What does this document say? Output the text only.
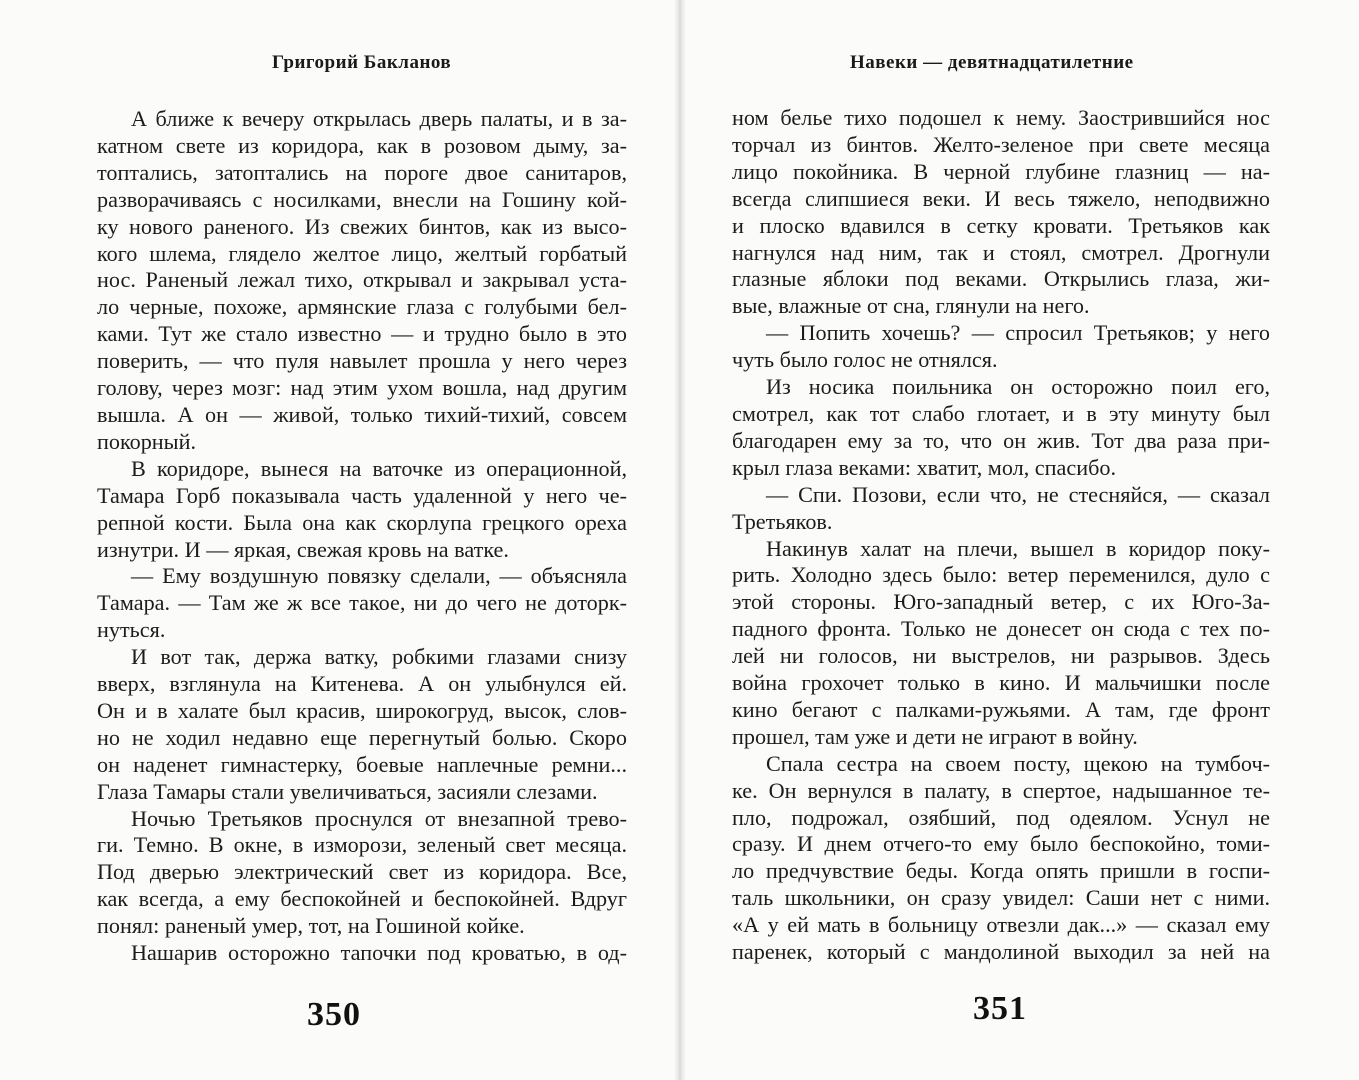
Григорий Бакланов
А ближе к вечеру открылась дверь палаты, и в за-
катном свете из коридора, как в розовом дыму, за-
топтались, затоптались на пороге двое санитаров,
разворачиваясь с носилками, внесли на Гошину кой-
ку нового раненого. Из свежих бинтов, как из высо-
кого шлема, глядело желтое лицо, желтый горбатый
нос. Раненый лежал тихо, открывал и закрывал уста-
ло черные, похоже, армянские глаза с голубыми бел-
ками. Тут же стало известно — и трудно было в это
поверить, — что пуля навылет прошла у него через
голову, через мозг: над этим ухом вошла, над другим
вышла. А он — живой, только тихий-тихий, совсем
покорный.
В коридоре, вынеся на ваточке из операционной,
Тамара Горб показывала часть удаленной у него че-
репной кости. Была она как скорлупа грецкого ореха
изнутри. И — яркая, свежая кровь на ватке.
— Ему воздушную повязку сделали, — объясняла
Тамара. — Там же ж все такое, ни до чего не доторк-
нуться.
И вот так, держа ватку, робкими глазами снизу
вверх, взглянула на Китенева. А он улыбнулся ей.
Он и в халате был красив, широкогруд, высок, слов-
но не ходил недавно еще перегнутый болью. Скоро
он наденет гимнастерку, боевые наплечные ремни...
Глаза Тамары стали увеличиваться, засияли слезами.
Ночью Третьяков проснулся от внезапной трево-
ги. Темно. В окне, в изморози, зеленый свет месяца.
Под дверью электрический свет из коридора. Все,
как всегда, а ему беспокойней и беспокойней. Вдруг
понял: раненый умер, тот, на Гошиной койке.
Нашарив осторожно тапочки под кроватью, в од-
350
Навеки — девятнадцатилетние
ном белье тихо подошел к нему. Заострившийся нос
торчал из бинтов. Желто-зеленое при свете месяца
лицо покойника. В черной глубине глазниц — на-
всегда слипшиеся веки. И весь тяжело, неподвижно
и плоско вдавился в сетку кровати. Третьяков как
нагнулся над ним, так и стоял, смотрел. Дрогнули
глазные яблоки под веками. Открылись глаза, жи-
вые, влажные от сна, глянули на него.
— Попить хочешь? — спросил Третьяков; у него
чуть было голос не отнялся.
Из носика поильника он осторожно поил его,
смотрел, как тот слабо глотает, и в эту минуту был
благодарен ему за то, что он жив. Тот два раза при-
крыл глаза веками: хватит, мол, спасибо.
— Спи. Позови, если что, не стесняйся, — сказал
Третьяков.
Накинув халат на плечи, вышел в коридор поку-
рить. Холодно здесь было: ветер переменился, дуло с
этой стороны. Юго-западный ветер, с их Юго-За-
падного фронта. Только не донесет он сюда с тех по-
лей ни голосов, ни выстрелов, ни разрывов. Здесь
война грохочет только в кино. И мальчишки после
кино бегают с палками-ружьями. А там, где фронт
прошел, там уже и дети не играют в войну.
Спала сестра на своем посту, щекою на тумбоч-
ке. Он вернулся в палату, в спертое, надышанное те-
пло, подрожал, озябший, под одеялом. Уснул не
сразу. И днем отчего-то ему было беспокойно, томи-
ло предчувствие беды. Когда опять пришли в госпи-
таль школьники, он сразу увидел: Саши нет с ними.
«А у ей мать в больницу отвезли дак...» — сказал ему
паренек, который с мандолиной выходил за ней на
351
